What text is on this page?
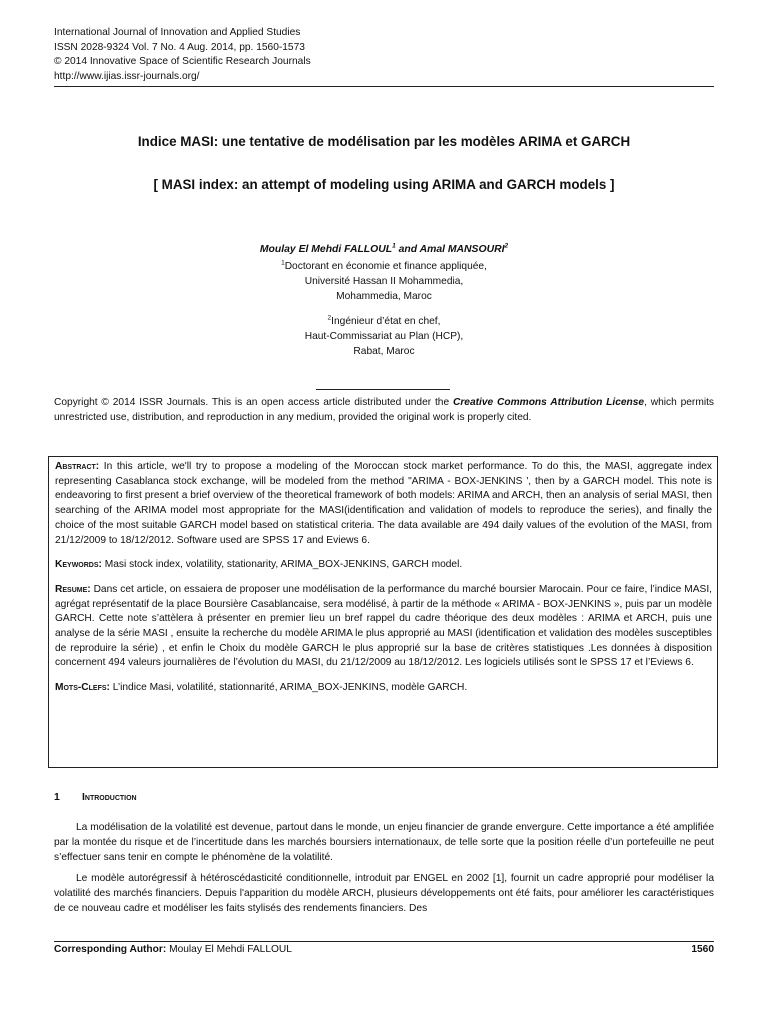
International Journal of Innovation and Applied Studies
ISSN 2028-9324 Vol. 7 No. 4 Aug. 2014, pp. 1560-1573
© 2014 Innovative Space of Scientific Research Journals
http://www.ijias.issr-journals.org/
Indice MASI: une tentative de modélisation par les modèles ARIMA et GARCH
[ MASI index: an attempt of modeling using ARIMA and GARCH models ]
Moulay El Mehdi FALLOUL$^1$ and Amal MANSOURI$^2$
$^1$Doctorant en économie et finance appliquée,
Université Hassan II Mohammedia,
Mohammedia, Maroc
$^2$Ingénieur d’état en chef,
Haut-Commissariat au Plan (HCP),
Rabat, Maroc
Copyright © 2014 ISSR Journals. This is an open access article distributed under the Creative Commons Attribution License, which permits unrestricted use, distribution, and reproduction in any medium, provided the original work is properly cited.

Abstract: In this article, we'll try to propose a modeling of the Moroccan stock market performance. To do this, the MASI, aggregate index representing Casablanca stock exchange, will be modeled from the method "ARIMA - BOX-JENKINS ', then by a GARCH model. This note is endeavoring to first present a brief overview of the theoretical framework of both models: ARIMA and ARCH, then an analysis of serial MASI, then searching of the ARIMA model most appropriate for the MASI(identification and validation of models to reproduce the series), and finally the choice of the most suitable GARCH model based on statistical criteria. The data available are 494 daily values of the evolution of the MASI, from 21/12/2009 to 18/12/2012. Software used are SPSS 17 and Eviews 6.

Keywords: Masi stock index, volatility, stationarity, ARIMA_BOX-JENKINS, GARCH model.

Resume: Dans cet article, on essaiera de proposer une modélisation de la performance du marché boursier Marocain. Pour ce faire, l’indice MASI, agrégat représentatif de la place Boursière Casablancaise, sera modélisé, à partir de la méthode « ARIMA - BOX-JENKINS », puis par un modèle GARCH. Cette note s’attèlera à présenter en premier lieu un bref rappel du cadre théorique des deux modèles : ARIMA et ARCH, puis une analyse de la série MASI , ensuite la recherche du modèle ARIMA le plus approprié au MASI (identification et validation des modèles susceptibles de reproduire la série) , et enfin le Choix du modèle GARCH le plus approprié sur la base de critères statistiques .Les données à disposition concernent 494 valeurs journalières de l’évolution du MASI, du 21/12/2009 au 18/12/2012. Les logiciels utilisés sont le SPSS 17 et l’Eviews 6.

Mots-Clefs: L’indice Masi, volatilité, stationnarité, ARIMA_BOX-JENKINS, modèle GARCH.

1 Introduction

La modélisation de la volatilité est devenue, partout dans le monde, un enjeu financier de grande envergure. Cette importance a été amplifiée par la montée du risque et de l’incertitude dans les marchés boursiers internationaux, de telle sorte que la position réelle d’un portefeuille ne peut s’effectuer sans tenir en compte le phénomène de la volatilité.

Le modèle autorégressif à hétéroscédasticité conditionnelle, introduit par ENGEL en 2002 [1], fournit un cadre approprié pour modéliser la volatilité des marchés financiers. Depuis l'apparition du modèle ARCH, plusieurs développements ont été faits, pour améliorer les caractéristiques de ce nouveau cadre et modéliser les faits stylisés des rendements financiers. Des

Corresponding Author: Moulay El Mehdi FALLOUL	1560
